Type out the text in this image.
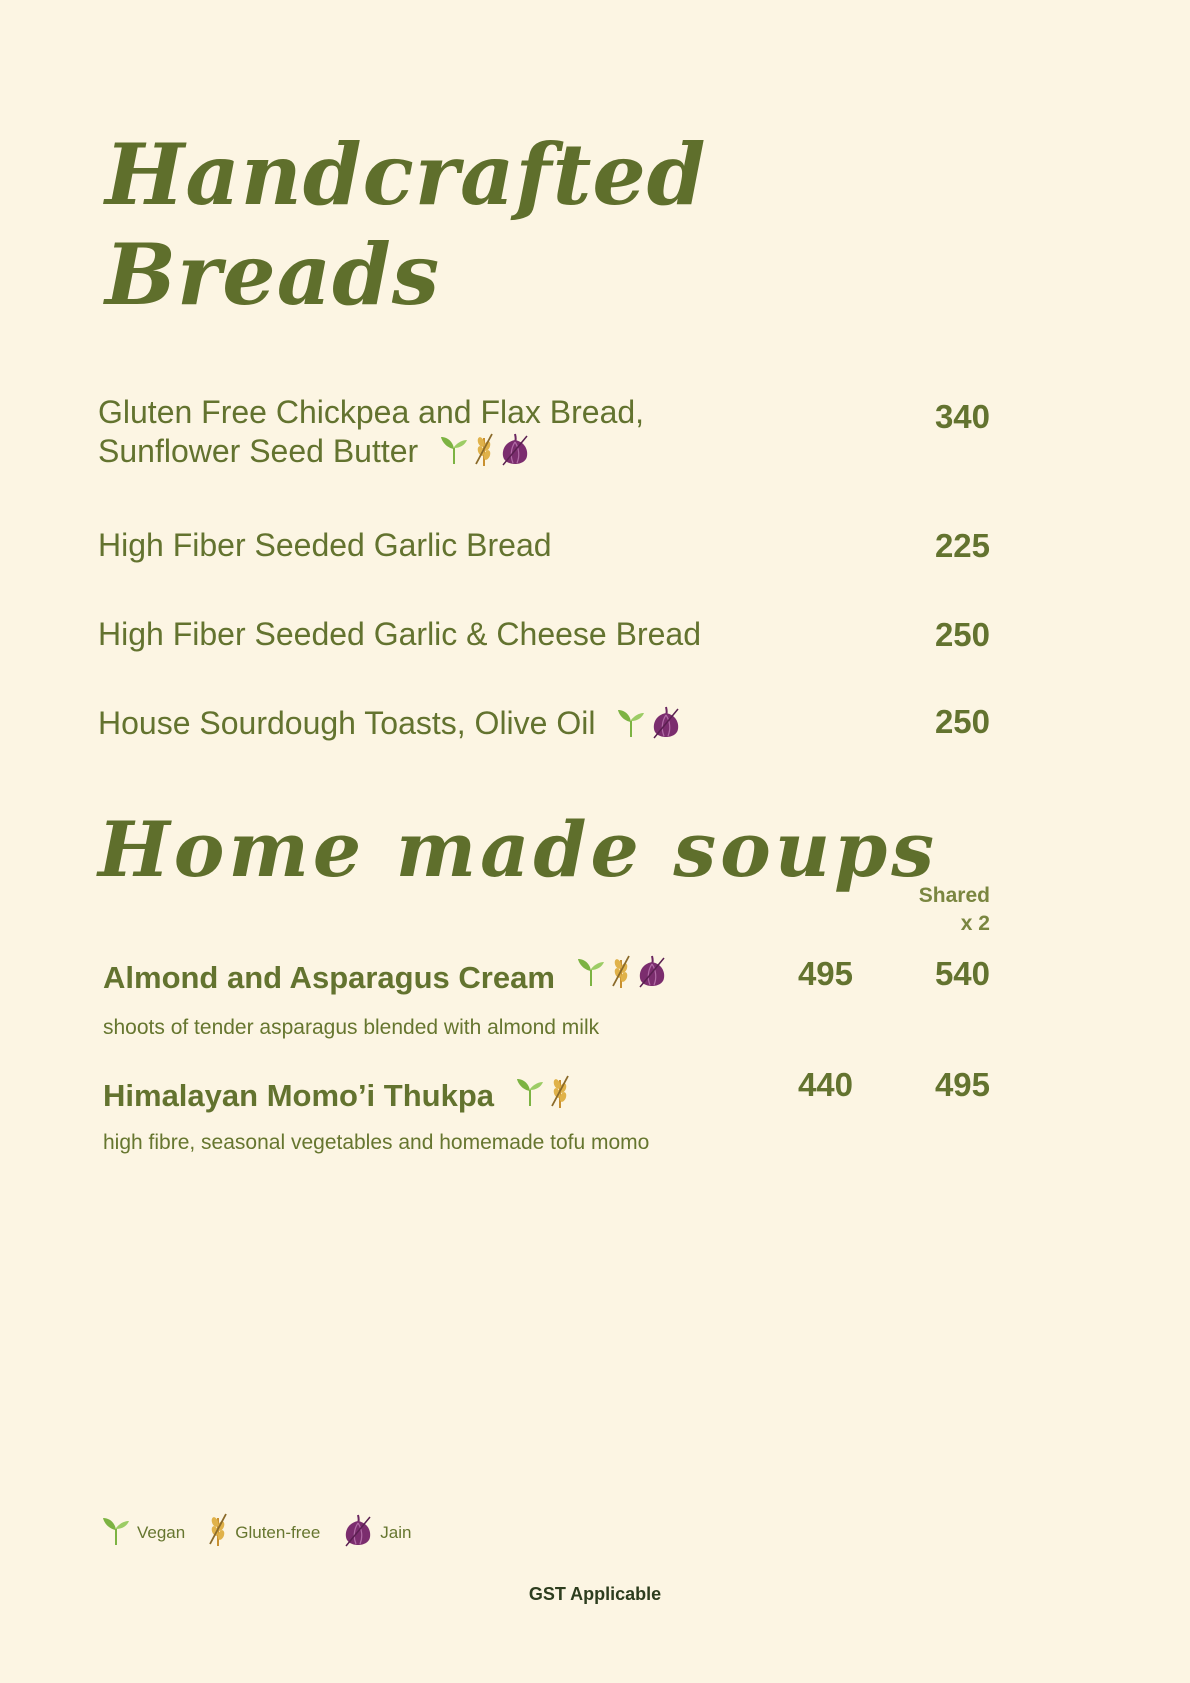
Handcrafted Breads
Gluten Free Chickpea and Flax Bread,
Sunflower Seed Butter
340
High Fiber Seeded Garlic Bread	225
High Fiber Seeded Garlic & Cheese Bread	250
House Sourdough Toasts, Olive Oil	250
Home made soups
Shared
x 2
Almond and Asparagus Cream
shoots of tender asparagus blended with almond milk
495	540
Himalayan Momo’i Thukpa
high fibre, seasonal vegetables and homemade tofu momo
440	495
Vegan	Gluten-free	Jain
GST Applicable
